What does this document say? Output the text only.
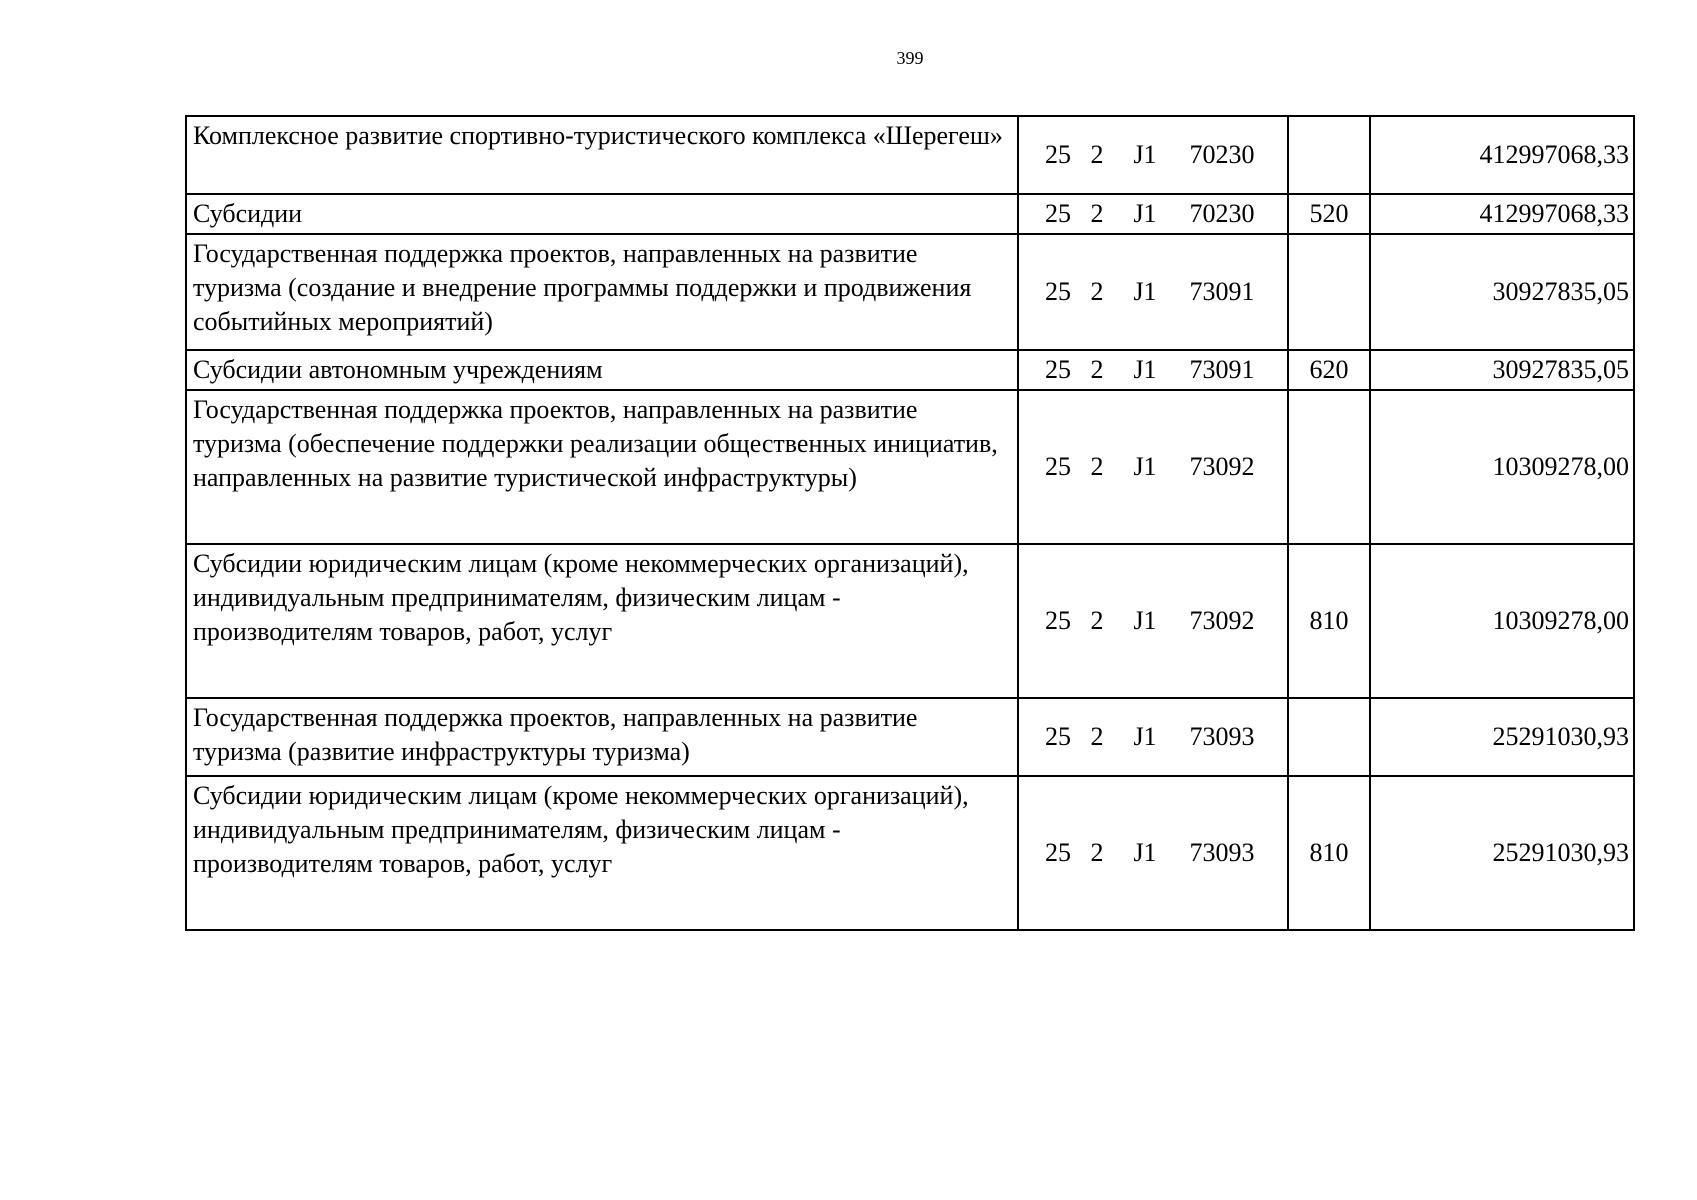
399
Комплексное развитие спортивно-туристического комплекса «Шерегеш»	25 2 J1 70230		412997068,33
Субсидии	25 2 J1 70230	520	412997068,33
Государственная поддержка проектов, направленных на развитие туризма (создание и внедрение программы поддержки и продвижения событийных мероприятий)	25 2 J1 73091		30927835,05
Субсидии автономным учреждениям	25 2 J1 73091	620	30927835,05
Государственная поддержка проектов, направленных на развитие туризма (обеспечение поддержки реализации общественных инициатив, направленных на развитие туристической инфраструктуры)	25 2 J1 73092		10309278,00
Субсидии юридическим лицам (кроме некоммерческих организаций), индивидуальным предпринимателям, физическим лицам - производителям товаров, работ, услуг	25 2 J1 73092	810	10309278,00
Государственная поддержка проектов, направленных на развитие туризма (развитие инфраструктуры туризма)	25 2 J1 73093		25291030,93
Субсидии юридическим лицам (кроме некоммерческих организаций), индивидуальным предпринимателям, физическим лицам - производителям товаров, работ, услуг	25 2 J1 73093	810	25291030,93
